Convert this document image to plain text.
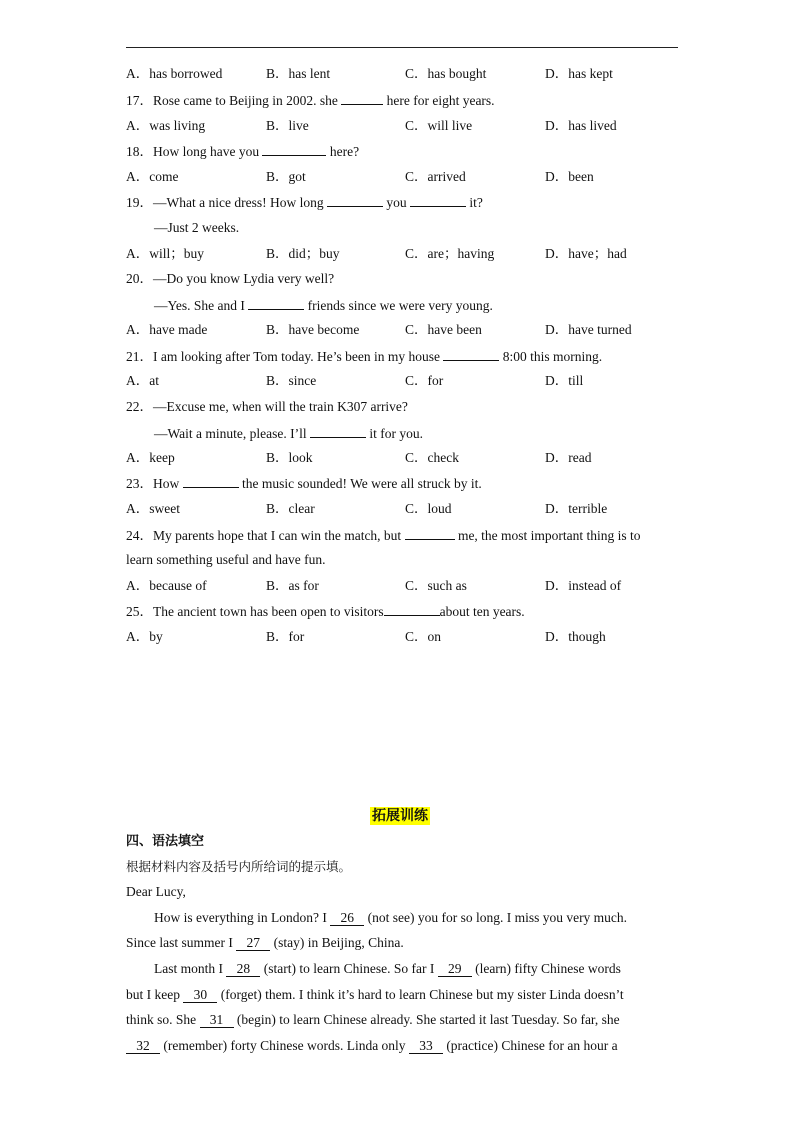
A．has borrowed	B．has lent	C．has bought	D．has kept
17．Rose came to Beijing in 2002. she	here for eight years.
A．was living	B．live	C．will live	D．has lived
18．How long have you	here?
A．come	B．got	C．arrived	D．been
19．—What a nice dress! How long	you	it?
—Just 2 weeks.
A．will；buy	B．did；buy	C．are；having	D．have；had
20．—Do you know Lydia very well?
—Yes. She and I	friends since we were very young.
A．have made	B．have become	C．have been	D．have turned
21．I am looking after Tom today. He’s been in my house	8:00 this morning.
A．at	B．since	C．for	D．till
22．—Excuse me, when will the train K307 arrive?
—Wait a minute, please. I’ll	it for you.
A．keep	B．look	C．check	D．read
23．How	the music sounded! We were all struck by it.
A．sweet	B．clear	C．loud	D．terrible
24．My parents hope that I can win the match, but	me, the most important thing is to
learn something useful and have fun.
A．because of	B．as for	C．such as	D．instead of
25．The ancient town has been open to visitors	about ten years.
A．by	B．for	C．on	D．though
拓展训练
四、语法填空
根据材料内容及括号内所给词的提示填。
Dear Lucy,
How is everything in London? I 26 (not see) you for so long. I miss you very much.
Since last summer I 27 (stay) in Beijing, China.
Last month I 28 (start) to learn Chinese. So far I 29 (learn) fifty Chinese words
but I keep 30 (forget) them. I think it’s hard to learn Chinese but my sister Linda doesn’t
think so. She 31 (begin) to learn Chinese already. She started it last Tuesday. So far, she
32 (remember) forty Chinese words. Linda only 33 (practice) Chinese for an hour a
